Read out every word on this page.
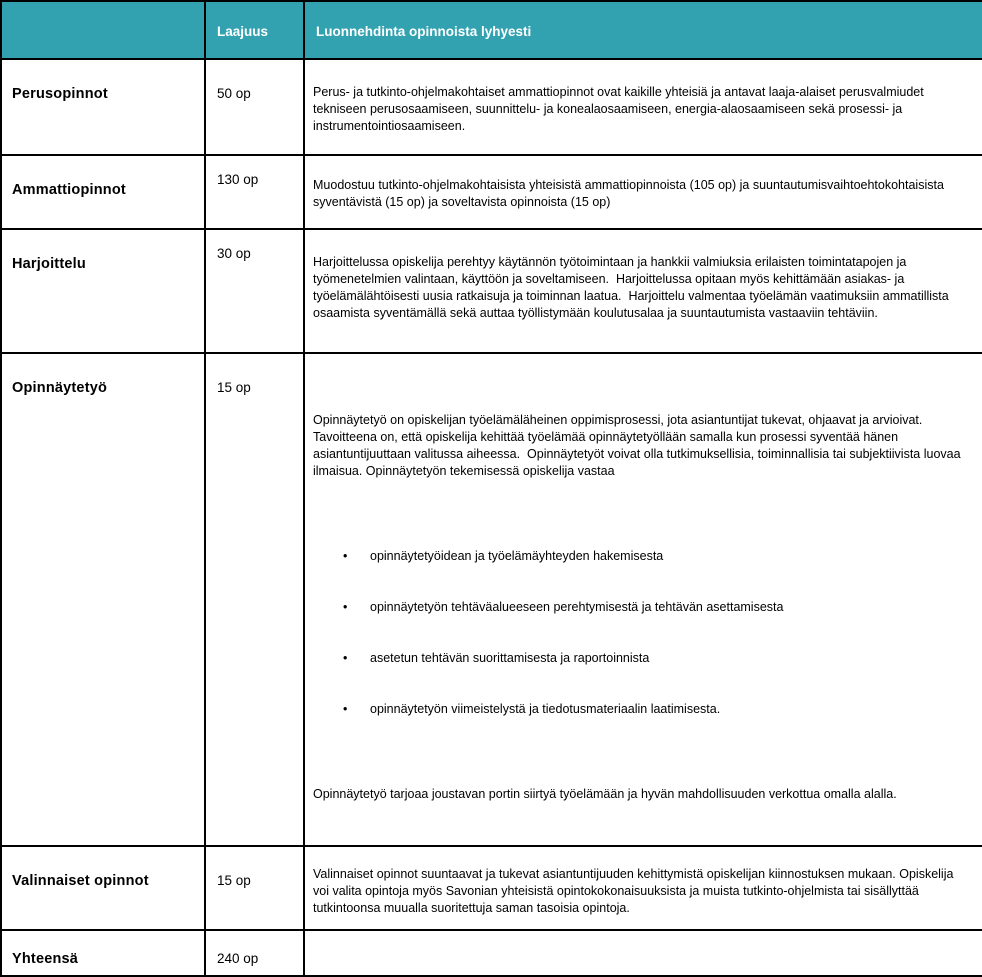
	Laajuus	Luonnehdinta opinnoista lyhyesti
Perusopinnot	50 op	Perus- ja tutkinto-ohjelmakohtaiset ammattiopinnot ovat kaikille yhteisiä ja antavat laaja-alaiset perusvalmiudet tekniseen perusosaamiseen, suunnittelu- ja konealaosaamiseen, energia-alaosaamiseen sekä prosessi- ja instrumentointiosaamiseen.
Ammattiopinnot	130 op	Muodostuu tutkinto-ohjelmakohtaisista yhteisistä ammattiopinnoista (105 op) ja suuntautumisvaihtoehtokohtaisista syventävistä (15 op) ja soveltavista opinnoista (15 op)
Harjoittelu	30 op	Harjoittelussa opiskelija perehtyy käytännön työtoimintaan ja hankkii valmiuksia erilaisten toimintatapojen ja työmenetelmien valintaan, käyttöön ja soveltamiseen.  Harjoittelussa opitaan myös kehittämään asiakas- ja työelämälähtöisesti uusia ratkaisuja ja toiminnan laatua.  Harjoittelu valmentaa työelämän vaatimuksiin ammatillista osaamista syventämällä sekä auttaa työllistymään koulutusalaa ja suuntautumista vastaaviin tehtäviin.
Opinnäytetyö	15 op	

Opinnäytetyö on opiskelijan työelämäläheinen oppimisprosessi, jota asiantuntijat tukevat, ohjaavat ja arvioivat. Tavoitteena on, että opiskelija kehittää työelämää opinnäytetyöllään samalla kun prosessi syventää hänen asiantuntijuuttaan valitussa aiheessa.  Opinnäytetyöt voivat olla tutkimuksellisia, toiminnallisia tai subjektiivista luovaa ilmaisua. Opinnäytetyön tekemisessä opiskelija vastaa

• opinnäytetyöidean ja työelämäyhteyden hakemisesta

• opinnäytetyön tehtäväalueeseen perehtymisestä ja tehtävän asettamisesta

• asetetun tehtävän suorittamisesta ja raportoinnista

• opinnäytetyön viimeistelystä ja tiedotusmateriaalin laatimisesta.

Opinnäytetyö tarjoaa joustavan portin siirtyä työelämään ja hyvän mahdollisuuden verkottua omalla alalla.

Valinnaiset opinnot	15 op	Valinnaiset opinnot suuntaavat ja tukevat asiantuntijuuden kehittymistä opiskelijan kiinnostuksen mukaan. Opiskelija voi valita opintoja myös Savonian yhteisistä opintokokonaisuuksista ja muista tutkinto-ohjelmista tai sisällyttää tutkintoonsa muualla suoritettuja saman tasoisia opintoja.
Yhteensä	240 op	
